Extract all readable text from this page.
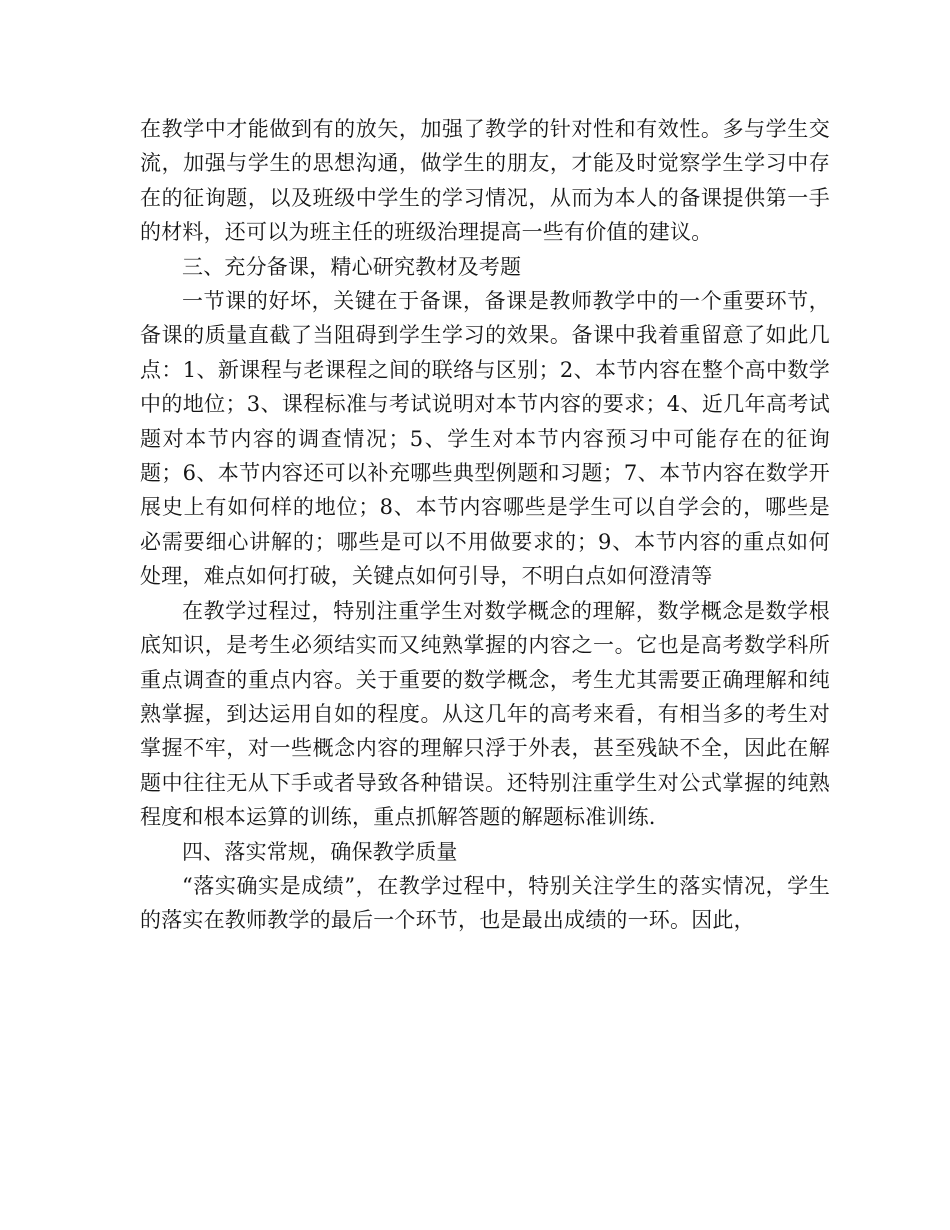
在教学中才能做到有的放矢，加强了教学的针对性和有效性。多与学生交流，加强与学生的思想沟通，做学生的朋友，才能及时觉察学生学习中存在的征询题，以及班级中学生的学习情况，从而为本人的备课提供第一手的材料，还可以为班主任的班级治理提高一些有价值的建议。

三、充分备课，精心研究教材及考题

一节课的好坏，关键在于备课，备课是教师教学中的一个重要环节，备课的质量直截了当阻碍到学生学习的效果。备课中我着重留意了如此几点：1、新课程与老课程之间的联络与区别；2、本节内容在整个高中数学中的地位；3、课程标准与考试说明对本节内容的要求；4、近几年高考试题对本节内容的调查情况；5、学生对本节内容预习中可能存在的征询题；6、本节内容还可以补充哪些典型例题和习题；7、本节内容在数学开展史上有如何样的地位；8、本节内容哪些是学生可以自学会的，哪些是必需要细心讲解的；哪些是可以不用做要求的；9、本节内容的重点如何处理，难点如何打破，关键点如何引导，不明白点如何澄清等

在教学过程过，特别注重学生对数学概念的理解，数学概念是数学根底知识，是考生必须结实而又纯熟掌握的内容之一。它也是高考数学科所重点调查的重点内容。关于重要的数学概念，考生尤其需要正确理解和纯熟掌握，到达运用自如的程度。从这几年的高考来看，有相当多的考生对掌握不牢，对一些概念内容的理解只浮于外表，甚至残缺不全，因此在解题中往往无从下手或者导致各种错误。还特别注重学生对公式掌握的纯熟程度和根本运算的训练，重点抓解答题的解题标准训练.

四、落实常规，确保教学质量

“落实确实是成绩”，在教学过程中，特别关注学生的落实情况，学生的落实在教师教学的最后一个环节，也是最出成绩的一环。因此，
